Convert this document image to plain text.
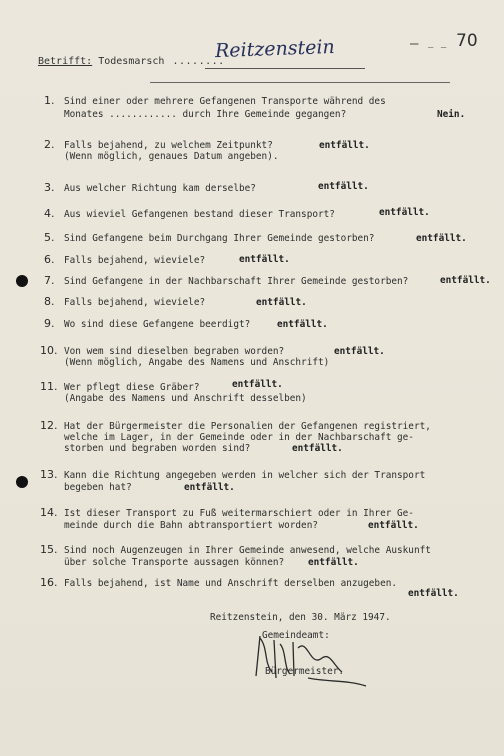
– – – 70
Betrifft: Todesmarsch ........
Reitzenstein

1.

Sind einer oder mehrere Gefangenen Transporte während des

Monates ............ durch Ihre Gemeinde gegangen?

	Nein.

2.

Falls bejahend, zu welchem Zeitpunkt?

(Wenn möglich, genaues Datum angeben).

entfällt.

3.

Aus welcher Richtung kam derselbe?

	entfällt.

4.

Aus wieviel Gefangenen bestand dieser Transport?

	entfällt.

5.

Sind Gefangene beim Durchgang Ihrer Gemeinde gestorben?

	entfällt.

6.

Falls bejahend, wieviele?

	entfällt.

7.

Sind Gefangene in der Nachbarschaft Ihrer Gemeinde gestorben?

	entfällt.

8.

Falls bejahend, wieviele?

	entfällt.

9.

Wo sind diese Gefangene beerdigt?

	entfällt.

10.

Von wem sind dieselben begraben worden?

(Wenn möglich, Angabe des Namens und Anschrift)

entfällt.

11.

Wer pflegt diese Gräber?

(Angabe des Namens und Anschrift desselben)

entfällt.

12.

Hat der Bürgermeister die Personalien der Gefangenen registriert,

welche im Lager, in der Gemeinde oder in der Nachbarschaft ge-

storben und begraben worden sind?

	entfällt.

13.

Kann die Richtung angegeben werden in welcher sich der Transport

begeben hat?

	entfällt.

14.

Ist dieser Transport zu Fuß weitermarschiert oder in Ihrer Ge-

meinde durch die Bahn abtransportiert worden?

	entfällt.

15.

Sind noch Augenzeugen in Ihrer Gemeinde anwesend, welche Auskunft

über solche Transporte aussagen können?

	entfällt.

16.

Falls bejahend, ist Name und Anschrift derselben anzugeben.

entfällt.

Reitzenstein, den 30. März 1947.
Gemeindeamt:
Bürgermeister.
